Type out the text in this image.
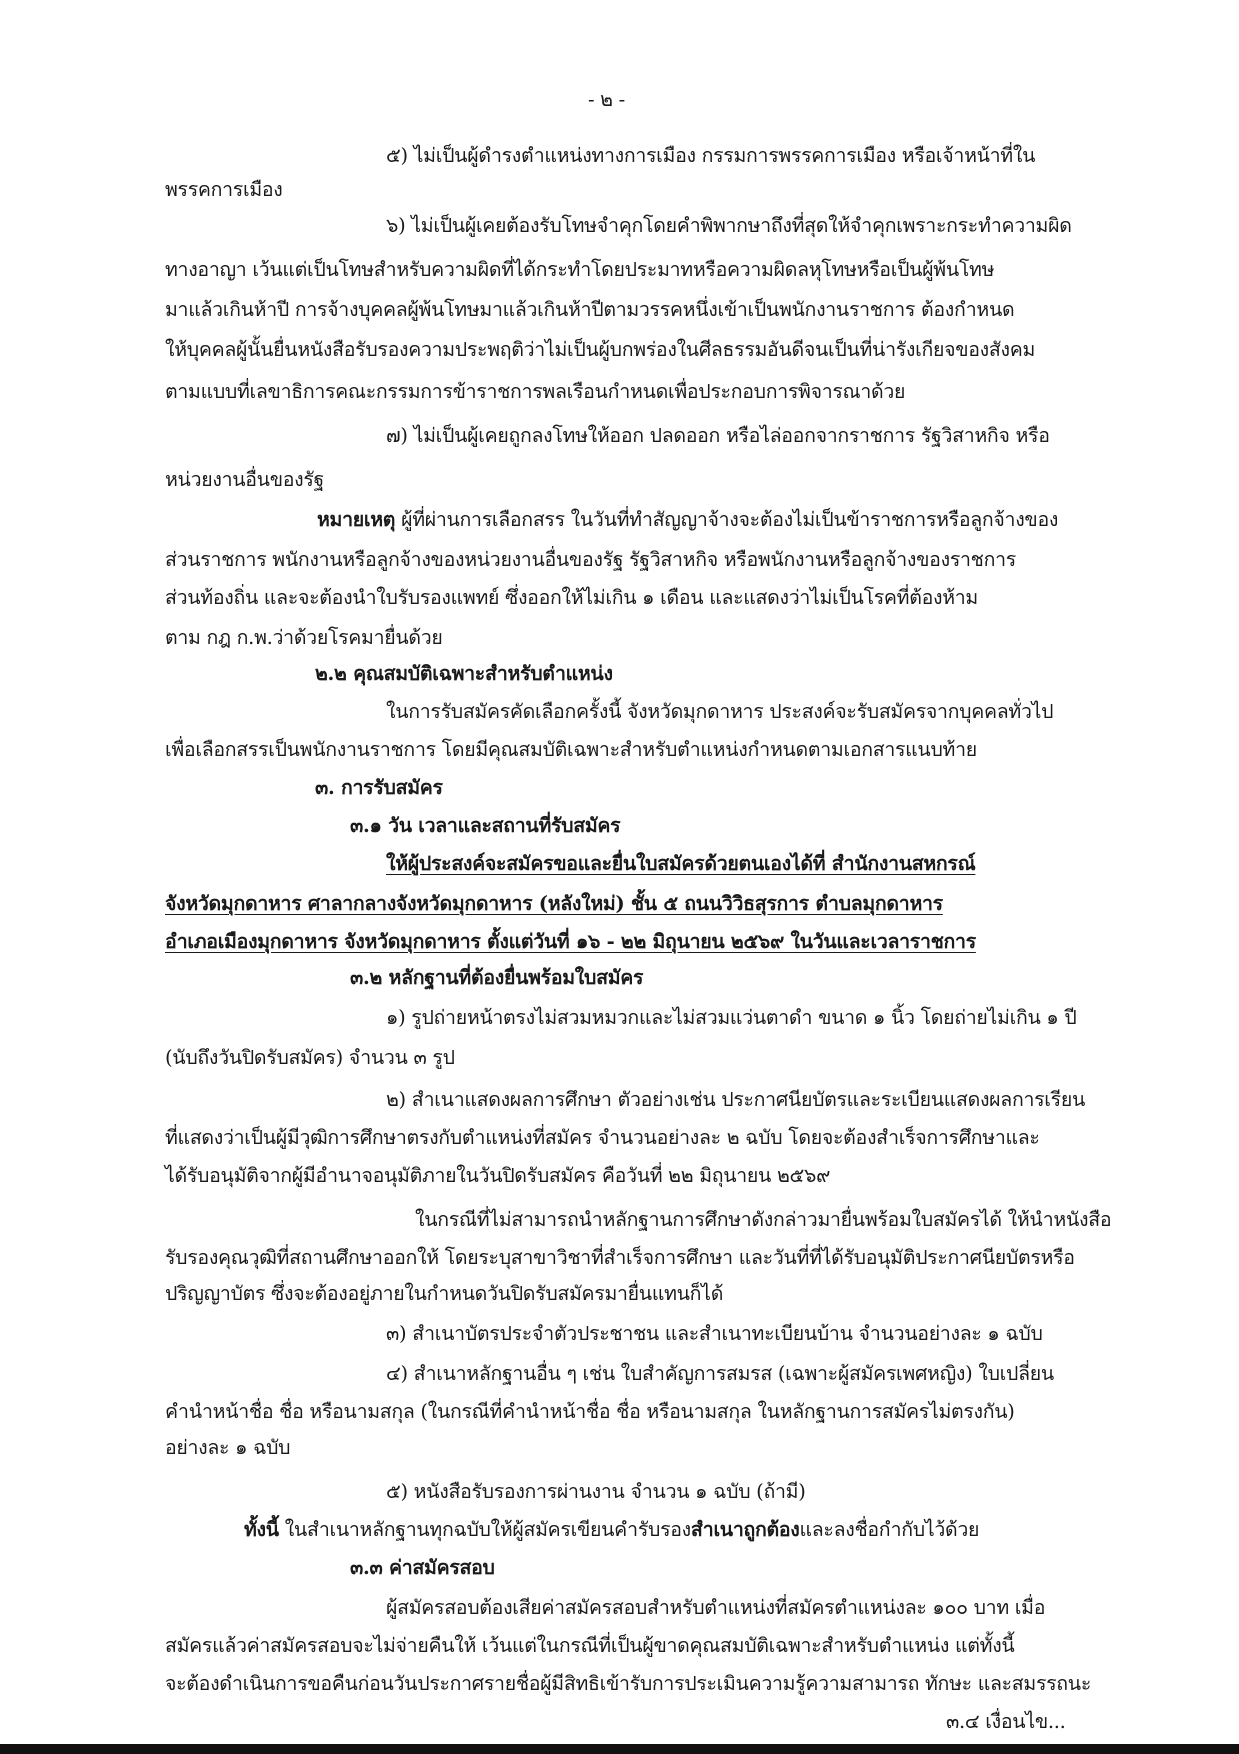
- ๒ -
๕) ไม่เป็นผู้ดำรงตำแหน่งทางการเมือง กรรมการพรรคการเมือง หรือเจ้าหน้าที่ใน
พรรคการเมือง
๖) ไม่เป็นผู้เคยต้องรับโทษจำคุกโดยคำพิพากษาถึงที่สุดให้จำคุกเพราะกระทำความผิด
ทางอาญา เว้นแต่เป็นโทษสำหรับความผิดที่ได้กระทำโดยประมาทหรือความผิดลหุโทษหรือเป็นผู้พ้นโทษ
มาแล้วเกินห้าปี การจ้างบุคคลผู้พ้นโทษมาแล้วเกินห้าปีตามวรรคหนึ่งเข้าเป็นพนักงานราชการ ต้องกำหนด
ให้บุคคลผู้นั้นยื่นหนังสือรับรองความประพฤติว่าไม่เป็นผู้บกพร่องในศีลธรรมอันดีจนเป็นที่น่ารังเกียจของสังคม
ตามแบบที่เลขาธิการคณะกรรมการข้าราชการพลเรือนกำหนดเพื่อประกอบการพิจารณาด้วย
๗) ไม่เป็นผู้เคยถูกลงโทษให้ออก ปลดออก หรือไล่ออกจากราชการ รัฐวิสาหกิจ หรือ
หน่วยงานอื่นของรัฐ
หมายเหตุ ผู้ที่ผ่านการเลือกสรร ในวันที่ทำสัญญาจ้างจะต้องไม่เป็นข้าราชการหรือลูกจ้างของ
ส่วนราชการ พนักงานหรือลูกจ้างของหน่วยงานอื่นของรัฐ รัฐวิสาหกิจ หรือพนักงานหรือลูกจ้างของราชการ
ส่วนท้องถิ่น และจะต้องนำใบรับรองแพทย์ ซึ่งออกให้ไม่เกิน ๑ เดือน และแสดงว่าไม่เป็นโรคที่ต้องห้าม
ตาม กฎ ก.พ.ว่าด้วยโรคมายื่นด้วย
๒.๒ คุณสมบัติเฉพาะสำหรับตำแหน่ง
ในการรับสมัครคัดเลือกครั้งนี้ จังหวัดมุกดาหาร ประสงค์จะรับสมัครจากบุคคลทั่วไป
เพื่อเลือกสรรเป็นพนักงานราชการ โดยมีคุณสมบัติเฉพาะสำหรับตำแหน่งกำหนดตามเอกสารแนบท้าย
๓. การรับสมัคร
๓.๑ วัน เวลาและสถานที่รับสมัคร
ให้ผู้ประสงค์จะสมัครขอและยื่นใบสมัครด้วยตนเองได้ที่ สำนักงานสหกรณ์
จังหวัดมุกดาหาร ศาลากลางจังหวัดมุกดาหาร (หลังใหม่) ชั้น ๕ ถนนวิวิธสุรการ ตำบลมุกดาหาร
อำเภอเมืองมุกดาหาร จังหวัดมุกดาหาร ตั้งแต่วันที่ ๑๖ - ๒๒ มิถุนายน ๒๕๖๙ ในวันและเวลาราชการ
๓.๒ หลักฐานที่ต้องยื่นพร้อมใบสมัคร
๑) รูปถ่ายหน้าตรงไม่สวมหมวกและไม่สวมแว่นตาดำ ขนาด ๑ นิ้ว โดยถ่ายไม่เกิน ๑ ปี
(นับถึงวันปิดรับสมัคร) จำนวน ๓ รูป
๒) สำเนาแสดงผลการศึกษา ตัวอย่างเช่น ประกาศนียบัตรและระเบียนแสดงผลการเรียน
ที่แสดงว่าเป็นผู้มีวุฒิการศึกษาตรงกับตำแหน่งที่สมัคร จำนวนอย่างละ ๒ ฉบับ โดยจะต้องสำเร็จการศึกษาและ
ได้รับอนุมัติจากผู้มีอำนาจอนุมัติภายในวันปิดรับสมัคร คือวันที่ ๒๒ มิถุนายน ๒๕๖๙
ในกรณีที่ไม่สามารถนำหลักฐานการศึกษาดังกล่าวมายื่นพร้อมใบสมัครได้ ให้นำหนังสือ
รับรองคุณวุฒิที่สถานศึกษาออกให้ โดยระบุสาขาวิชาที่สำเร็จการศึกษา และวันที่ที่ได้รับอนุมัติประกาศนียบัตรหรือ
ปริญญาบัตร ซึ่งจะต้องอยู่ภายในกำหนดวันปิดรับสมัครมายื่นแทนก็ได้
๓) สำเนาบัตรประจำตัวประชาชน และสำเนาทะเบียนบ้าน จำนวนอย่างละ ๑ ฉบับ
๔) สำเนาหลักฐานอื่น ๆ เช่น ใบสำคัญการสมรส (เฉพาะผู้สมัครเพศหญิง) ใบเปลี่ยน
คำนำหน้าชื่อ ชื่อ หรือนามสกุล (ในกรณีที่คำนำหน้าชื่อ ชื่อ หรือนามสกุล ในหลักฐานการสมัครไม่ตรงกัน)
อย่างละ ๑ ฉบับ
๕) หนังสือรับรองการผ่านงาน จำนวน ๑ ฉบับ (ถ้ามี)
ทั้งนี้ ในสำเนาหลักฐานทุกฉบับให้ผู้สมัครเขียนคำรับรองสำเนาถูกต้องและลงชื่อกำกับไว้ด้วย
๓.๓ ค่าสมัครสอบ
ผู้สมัครสอบต้องเสียค่าสมัครสอบสำหรับตำแหน่งที่สมัครตำแหน่งละ ๑๐๐ บาท เมื่อ
สมัครแล้วค่าสมัครสอบจะไม่จ่ายคืนให้ เว้นแต่ในกรณีที่เป็นผู้ขาดคุณสมบัติเฉพาะสำหรับตำแหน่ง แต่ทั้งนี้
จะต้องดำเนินการขอคืนก่อนวันประกาศรายชื่อผู้มีสิทธิเข้ารับการประเมินความรู้ความสามารถ ทักษะ และสมรรถนะ
๓.๔ เงื่อนไข...
